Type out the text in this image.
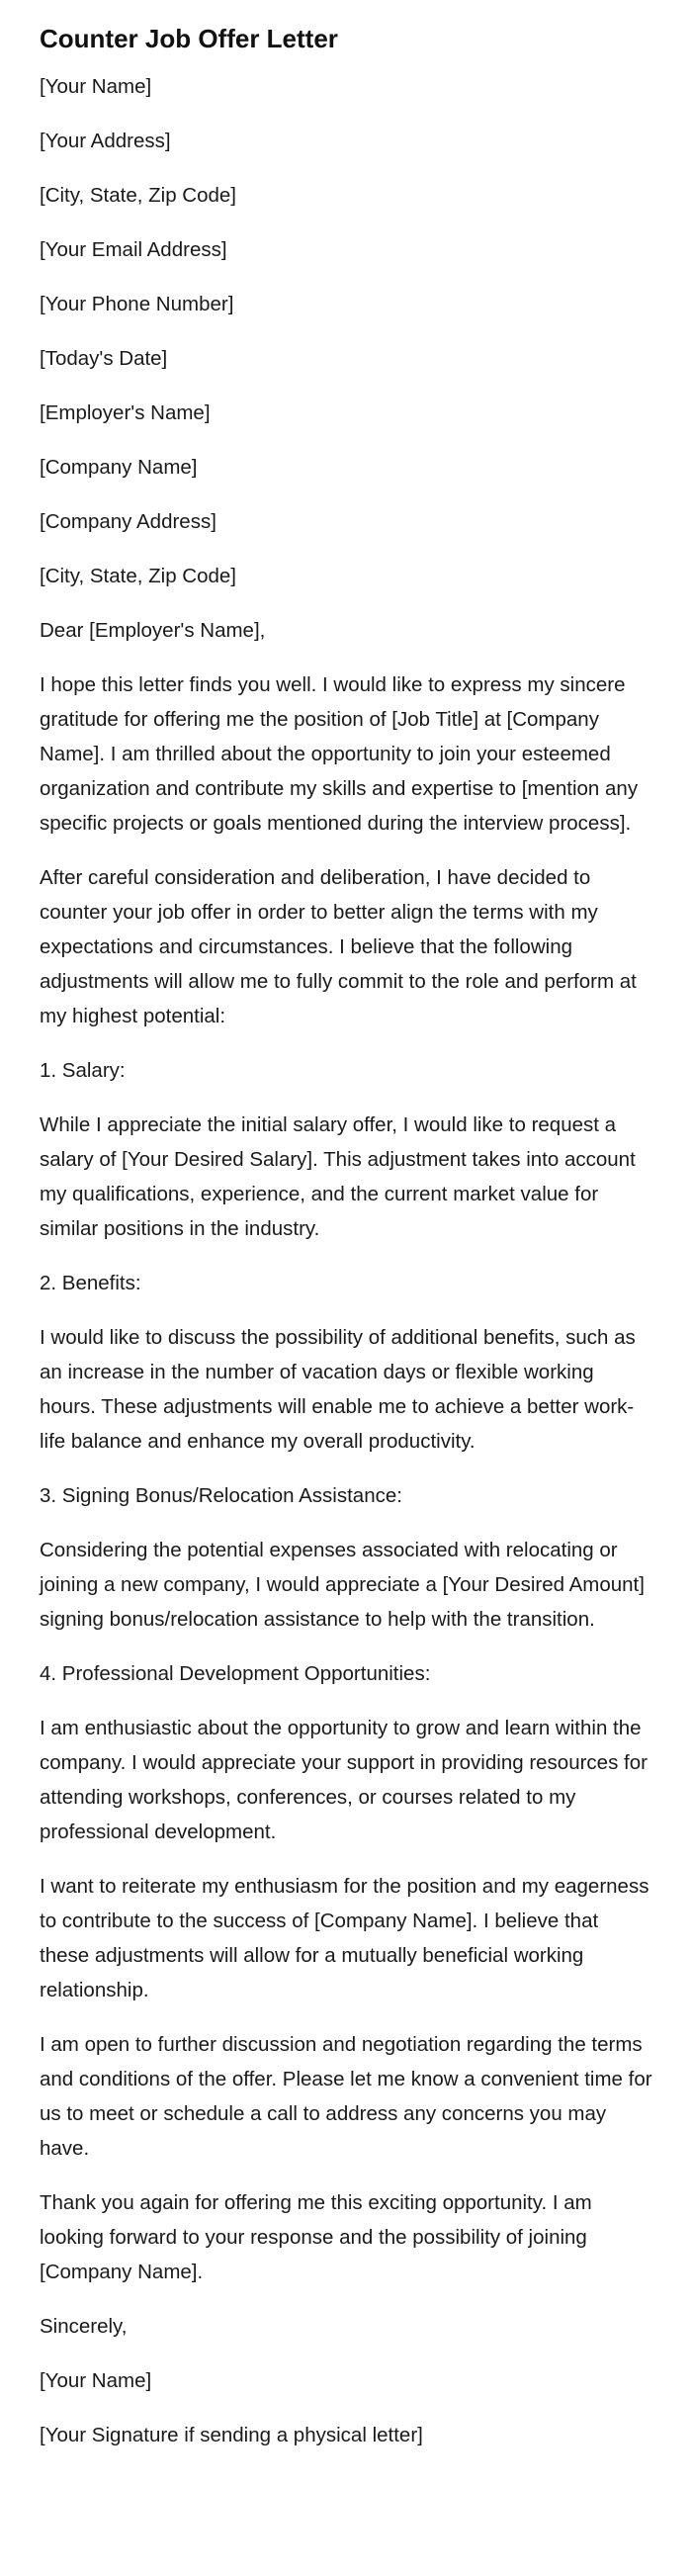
Counter Job Offer Letter

[Your Name]

[Your Address]

[City, State, Zip Code]

[Your Email Address]

[Your Phone Number]

[Today's Date]

[Employer's Name]

[Company Name]

[Company Address]

[City, State, Zip Code]

Dear [Employer's Name],

I hope this letter finds you well. I would like to express my sincere gratitude for offering me the position of [Job Title] at [Company Name]. I am thrilled about the opportunity to join your esteemed organization and contribute my skills and expertise to [mention any specific projects or goals mentioned during the interview process].

After careful consideration and deliberation, I have decided to counter your job offer in order to better align the terms with my expectations and circumstances. I believe that the following adjustments will allow me to fully commit to the role and perform at my highest potential:

1. Salary:

While I appreciate the initial salary offer, I would like to request a salary of [Your Desired Salary]. This adjustment takes into account my qualifications, experience, and the current market value for similar positions in the industry.

2. Benefits:

I would like to discuss the possibility of additional benefits, such as an increase in the number of vacation days or flexible working hours. These adjustments will enable me to achieve a better work-life balance and enhance my overall productivity.

3. Signing Bonus/Relocation Assistance:

Considering the potential expenses associated with relocating or joining a new company, I would appreciate a [Your Desired Amount] signing bonus/relocation assistance to help with the transition.

4. Professional Development Opportunities:

I am enthusiastic about the opportunity to grow and learn within the company. I would appreciate your support in providing resources for attending workshops, conferences, or courses related to my professional development.

I want to reiterate my enthusiasm for the position and my eagerness to contribute to the success of [Company Name]. I believe that these adjustments will allow for a mutually beneficial working relationship.

I am open to further discussion and negotiation regarding the terms and conditions of the offer. Please let me know a convenient time for us to meet or schedule a call to address any concerns you may have.

Thank you again for offering me this exciting opportunity. I am looking forward to your response and the possibility of joining [Company Name].

Sincerely,

[Your Name]

[Your Signature if sending a physical letter]
